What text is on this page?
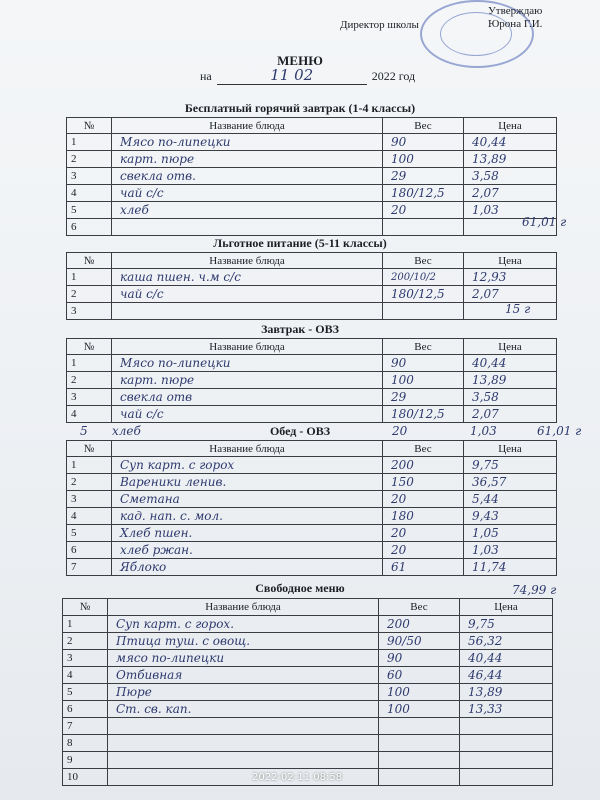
Утверждаю
Юрона Г.И.
Директор школы
МЕНЮ
на	11 02	2022 год
Бесплатный горячий завтрак (1-4 классы)
№	Название блюда	Вес	Цена
1	Мясо по-липецки	90	40,44
2	карт. пюре	100	13,89
3	свекла отв.	29	3,58
4	чай с/с	180/12,5	2,07
5	хлеб	20	1,03
6				61,01 г
Льготное питание (5-11 классы)
№	Название блюда	Вес	Цена
1	каша пшен. ч.м с/с	200/10/2	12,93
2	чай с/с	180/12,5	2,07
3				15 г
Завтрак - ОВЗ
№	Название блюда	Вес	Цена
1	Мясо по-липецки	90	40,44
2	карт. пюре	100	13,89
3	свекла отв	29	3,58
4	чай с/с	180/12,5	2,07
5 хлеб	20	1,03	61,01 г
Обед - ОВЗ
№	Название блюда	Вес	Цена
1	Суп карт. с горох	200	9,75
2	Вареники ленив.	150	36,57
3	Сметана	20	5,44
4	кад. нап. с. мол.	180	9,43
5	Хлеб пшен.	20	1,05
6	хлеб ржан.	20	1,03
7	Яблоко	61	11,74
74,99 г
Свободное меню
№	Название блюда	Вес	Цена
1	Суп карт. с горох.	200	9,75
2	Птица туш. с овощ.	90/50	56,32
3	мясо по-липецки	90	40,44
4	Отбивная	60	46,44
5	Пюре	100	13,89
6	Ст. св. кап.	100	13,33
7			
8			
9			
10				2022-02-11 08:58
